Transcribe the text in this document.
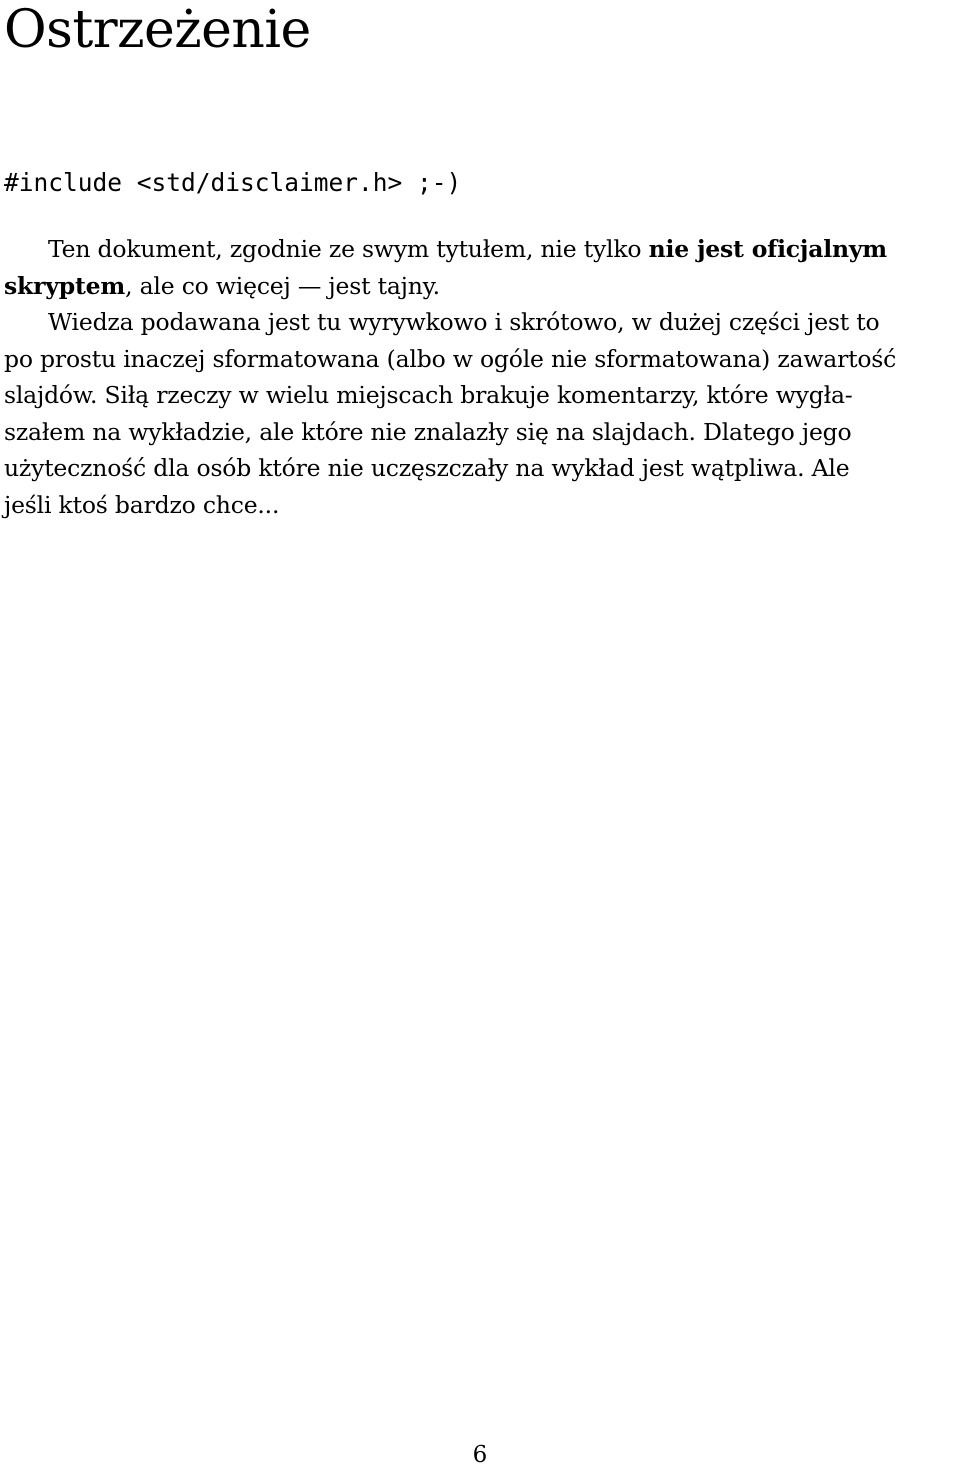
Ostrzeżenie
#include <std/disclaimer.h> ;-)
Ten dokument, zgodnie ze swym tytułem, nie tylko nie jest oficjalnym
skryptem, ale co więcej — jest tajny.
Wiedza podawana jest tu wyrywkowo i skrótowo, w dużej części jest to
po prostu inaczej sformatowana (albo w ogóle nie sformatowana) zawartość
slajdów. Siłą rzeczy w wielu miejscach brakuje komentarzy, które wygła-
szałem na wykładzie, ale które nie znalazły się na slajdach. Dlatego jego
użyteczność dla osób które nie uczęszczały na wykład jest wątpliwa. Ale
jeśli ktoś bardzo chce...
6
